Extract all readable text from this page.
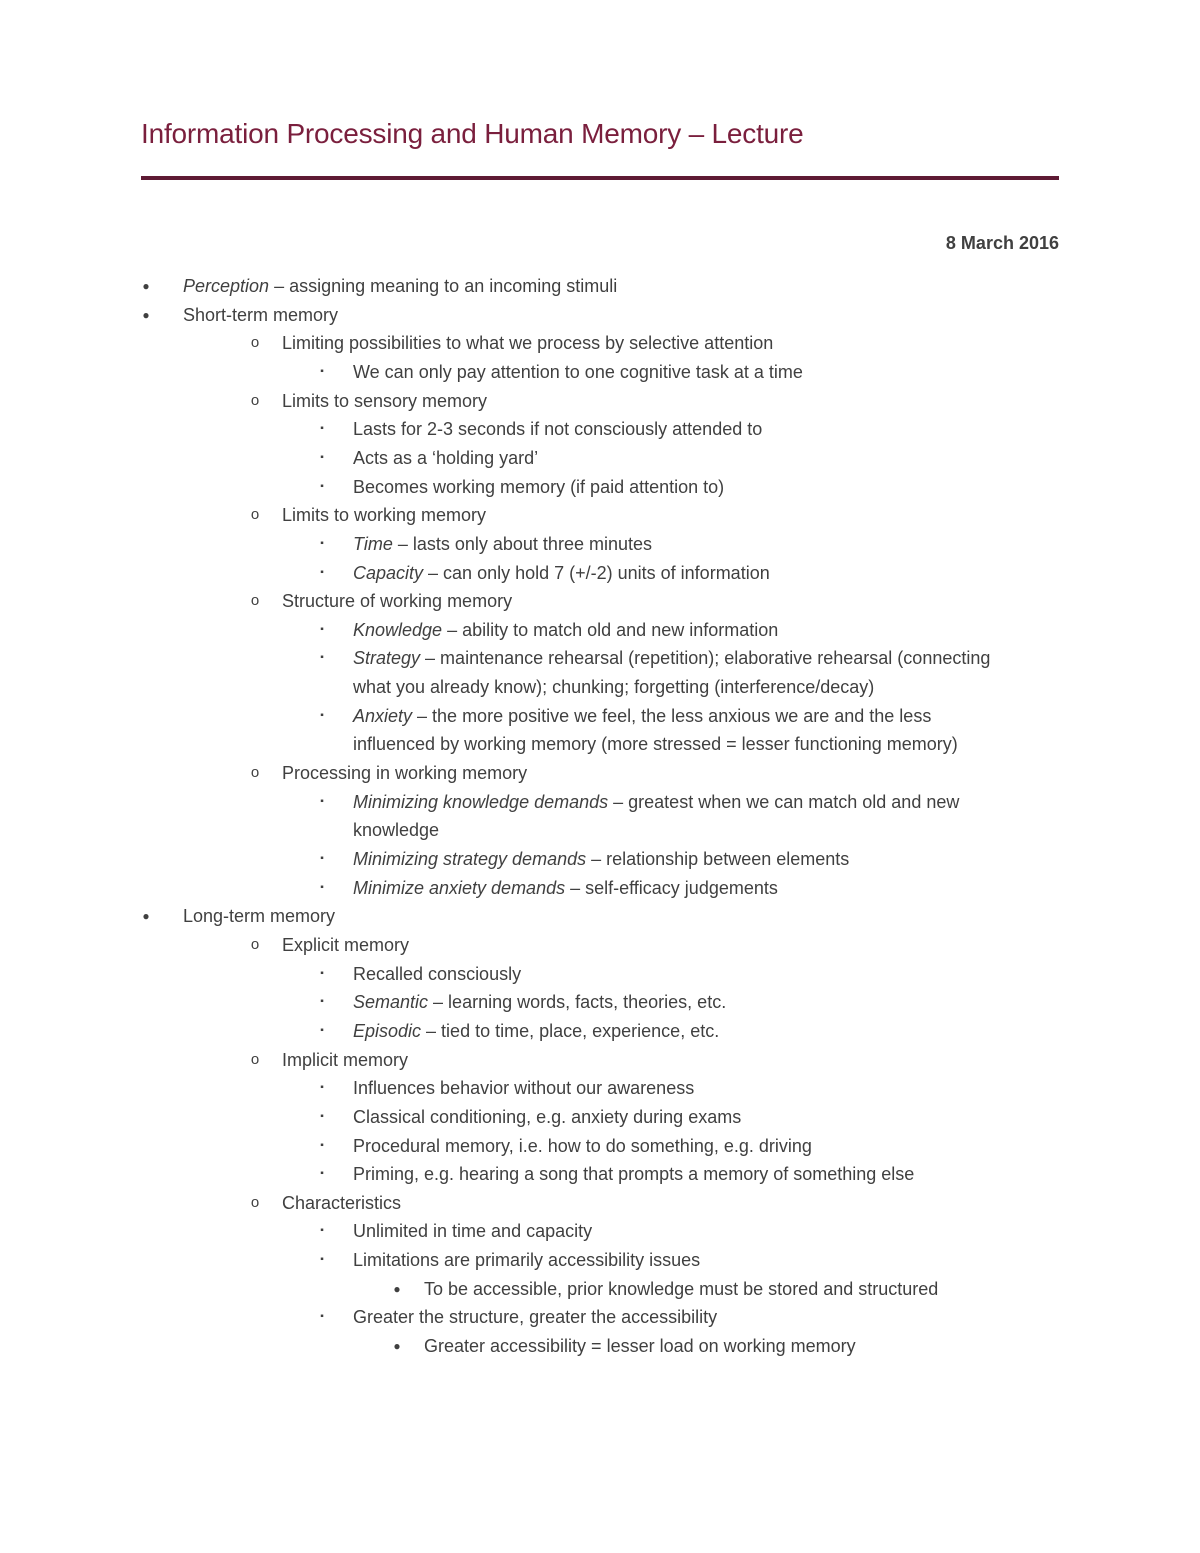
Information Processing and Human Memory – Lecture
8 March 2016
● Perception – assigning meaning to an incoming stimuli
● Short-term memory
o Limiting possibilities to what we process by selective attention
▪ We can only pay attention to one cognitive task at a time
o Limits to sensory memory
▪ Lasts for 2-3 seconds if not consciously attended to
▪ Acts as a ‘holding yard’
▪ Becomes working memory (if paid attention to)
o Limits to working memory
▪ Time – lasts only about three minutes
▪ Capacity – can only hold 7 (+/-2) units of information
o Structure of working memory
▪ Knowledge – ability to match old and new information
▪ Strategy – maintenance rehearsal (repetition); elaborative rehearsal (connecting
what you already know); chunking; forgetting (interference/decay)
▪ Anxiety – the more positive we feel, the less anxious we are and the less
influenced by working memory (more stressed = lesser functioning memory)
o Processing in working memory
▪ Minimizing knowledge demands – greatest when we can match old and new
knowledge
▪ Minimizing strategy demands – relationship between elements
▪ Minimize anxiety demands – self-efficacy judgements
● Long-term memory
o Explicit memory
▪ Recalled consciously
▪ Semantic – learning words, facts, theories, etc.
▪ Episodic – tied to time, place, experience, etc.
o Implicit memory
▪ Influences behavior without our awareness
▪ Classical conditioning, e.g. anxiety during exams
▪ Procedural memory, i.e. how to do something, e.g. driving
▪ Priming, e.g. hearing a song that prompts a memory of something else
o Characteristics
▪ Unlimited in time and capacity
▪ Limitations are primarily accessibility issues
● To be accessible, prior knowledge must be stored and structured
▪ Greater the structure, greater the accessibility
● Greater accessibility = lesser load on working memory
